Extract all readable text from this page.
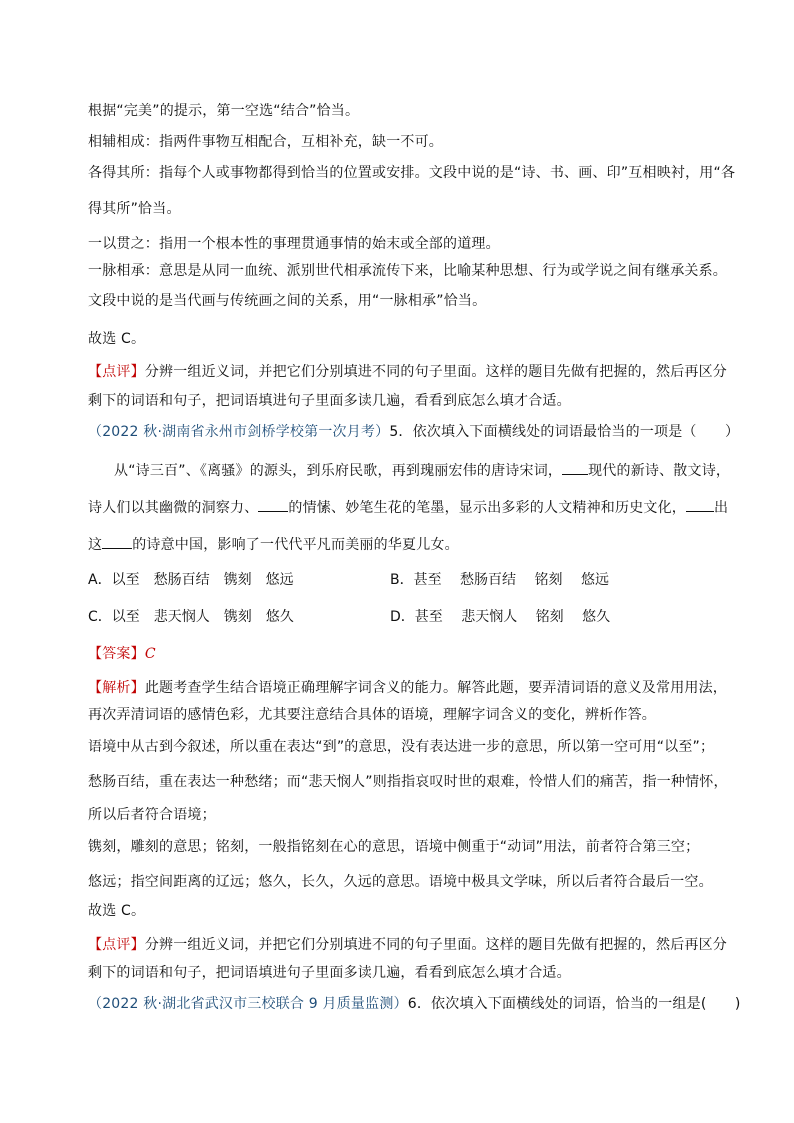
根据“完美”的提示，第一空选“结合”恰当。
相辅相成：指两件事物互相配合，互相补充，缺一不可。
各得其所：指每个人或事物都得到恰当的位置或安排。文段中说的是“诗、书、画、印”互相映衬，用“各
得其所”恰当。
一以贯之：指用一个根本性的事理贯通事情的始末或全部的道理。
一脉相承：意思是从同一血统、派别世代相承流传下来，比喻某种思想、行为或学说之间有继承关系。
文段中说的是当代画与传统画之间的关系，用“一脉相承”恰当。
故选 C。
【点评】分辨一组近义词，并把它们分别填进不同的句子里面。这样的题目先做有把握的，然后再区分
剩下的词语和句子，把词语填进句子里面多读几遍，看看到底怎么填才合适。
（2022 秋·湖南省永州市剑桥学校第一次月考）5．依次填入下面横线处的词语最恰当的一项是（　　）
从“诗三百”、《离骚》的源头，到乐府民歌，再到瑰丽宏伟的唐诗宋词， 现代的新诗、散文诗，
诗人们以其幽微的洞察力、 的情愫、妙笔生花的笔墨，显示出多彩的人文精神和历史文化， 出
这 的诗意中国，影响了一代代平凡而美丽的华夏儿女。
A．以至　愁肠百结　镌刻　悠远	B．甚至　 愁肠百结　 铭刻　 悠远
C．以至　悲天悯人　镌刻　悠久	D．甚至　 悲天悯人　 铭刻　 悠久
【答案】C
【解析】此题考查学生结合语境正确理解字词含义的能力。解答此题，要弄清词语的意义及常用用法，
再次弄清词语的感情色彩，尤其要注意结合具体的语境，理解字词含义的变化，辨析作答。
语境中从古到今叙述，所以重在表达“到”的意思，没有表达进一步的意思，所以第一空可用“以至”；
愁肠百结，重在表达一种愁绪；而“悲天悯人”则指指哀叹时世的艰难，怜惜人们的痛苦，指一种情怀，
所以后者符合语境；
镌刻，雕刻的意思；铭刻，一般指铭刻在心的意思，语境中侧重于“动词”用法，前者符合第三空；
悠远；指空间距离的辽远；悠久，长久，久远的意思。语境中极具文学味，所以后者符合最后一空。
故选 C。
【点评】分辨一组近义词，并把它们分别填进不同的句子里面。这样的题目先做有把握的，然后再区分
剩下的词语和句子，把词语填进句子里面多读几遍，看看到底怎么填才合适。
（2022 秋·湖北省武汉市三校联合 9 月质量监测）6．依次填入下面横线处的词语，恰当的一组是(　　)
